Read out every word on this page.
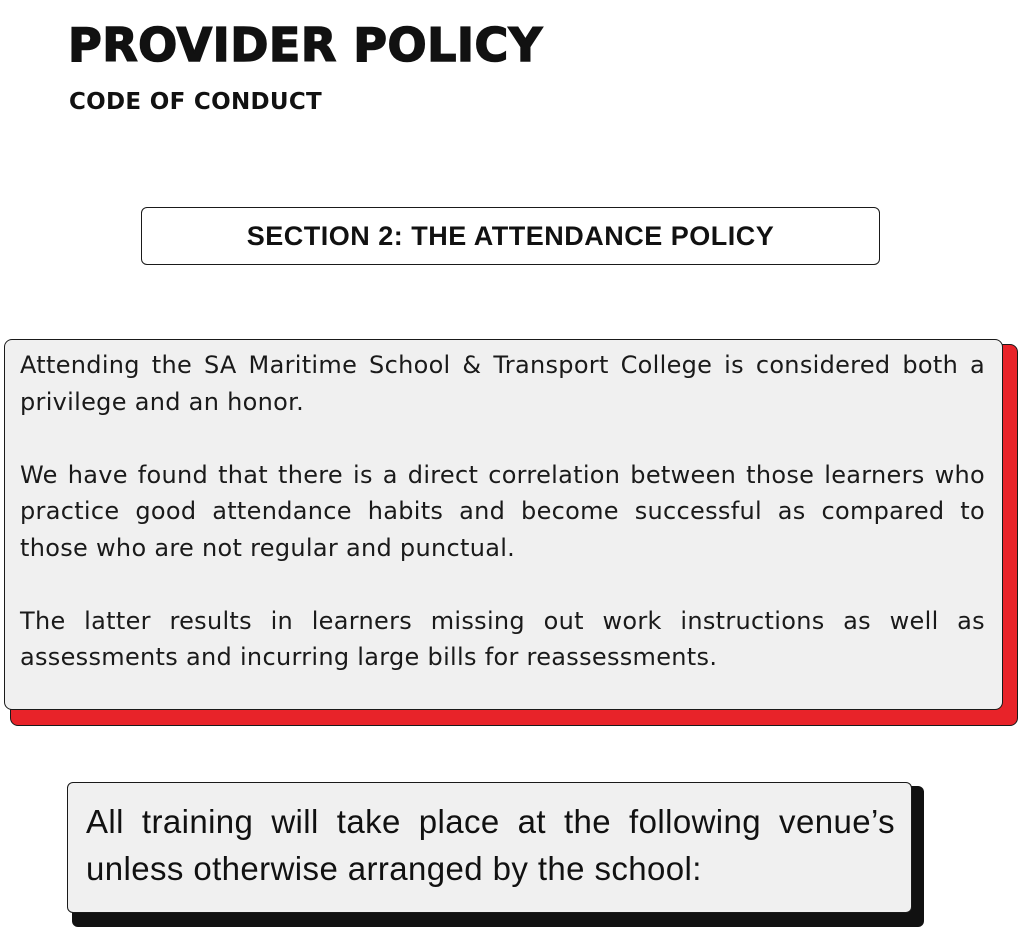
PROVIDER POLICY
CODE OF CONDUCT
SECTION 2: THE ATTENDANCE POLICY

Attending the SA Maritime School & Transport College is considered both a privilege and an honor.

We have found that there is a direct correlation between those learners who practice good attendance habits and become successful as compared to those who are not regular and punctual.

The latter results in learners missing out work instructions as well as assessments and incurring large bills for reassessments.

All training will take place at the following venue’s unless otherwise arranged by the school:
